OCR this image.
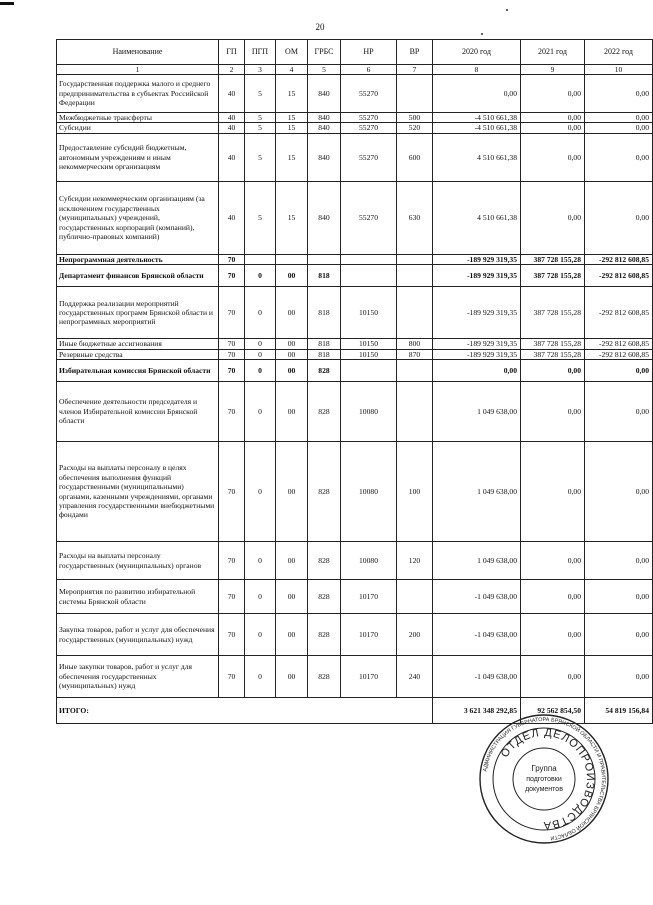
20
Наименование	ГП	ПГП	ОМ	ГРБС	НР	ВР	2020 год	2021 год	2022 год
1	2	3	4	5	6	7	8	9	10
Государственная поддержка малого и среднего предпринимательства в субъектах Российской Федерации	40	5	15	840	55270		0,00	0,00	0,00
Межбюджетные трансферты	40	5	15	840	55270	500	-4 510 661,38	0,00	0,00
Субсидии	40	5	15	840	55270	520	-4 510 661,38	0,00	0,00
Предоставление субсидий бюджетным, автономным учреждениям и иным некоммерческим организациям	40	5	15	840	55270	600	4 510 661,38	0,00	0,00
Субсидии некоммерческим организациям (за исключением государственных (муниципальных) учреждений, государственных корпораций (компаний), публично-правовых компаний)	40	5	15	840	55270	630	4 510 661,38	0,00	0,00
Непрограммная деятельность	70						-189 929 319,35	387 728 155,28	-292 812 608,85
Департамент финансов Брянской области	70	0	00	818			-189 929 319,35	387 728 155,28	-292 812 608,85
Поддержка реализации мероприятий государственных программ Брянской области и непрограммных мероприятий	70	0	00	818	10150		-189 929 319,35	387 728 155,28	-292 812 608,85
Иные бюджетные ассигнования	70	0	00	818	10150	800	-189 929 319,35	387 728 155,28	-292 812 608,85
Резервные средства	70	0	00	818	10150	870	-189 929 319,35	387 728 155,28	-292 812 608,85
Избирательная комиссия Брянской области	70	0	00	828			0,00	0,00	0,00
Обеспечение деятельности председателя и членов Избирательной комиссии Брянской области	70	0	00	828	10080		1 049 638,00	0,00	0,00
Расходы на выплаты персоналу в целях обеспечения выполнения функций государственными (муниципальными) органами, казенными учреждениями, органами управления государственными внебюджетными фондами	70	0	00	828	10080	100	1 049 638,00	0,00	0,00
Расходы на выплаты персоналу государственных (муниципальных) органов	70	0	00	828	10080	120	1 049 638,00	0,00	0,00
Мероприятия по развитию избирательной системы Брянской области	70	0	00	828	10170		-1 049 638,00	0,00	0,00
Закупка товаров, работ и услуг для обеспечения государственных (муниципальных) нужд	70	0	00	828	10170	200	-1 049 638,00	0,00	0,00
Иные закупки товаров, работ и услуг для обеспечения государственных (муниципальных) нужд	70	0	00	828	10170	240	-1 049 638,00	0,00	0,00
ИТОГО:							3 621 348 292,85	92 562 854,50	54 819 156,84
АДМИНИСТРАЦИЯ ГУБЕРНАТОРА БРЯНСКОЙ ОБЛАСТИ И ПРАВИТЕЛЬСТВА БРЯНСКОЙ ОБЛАСТИ
ОТДЕЛ ДЕЛОПРОИЗВОДСТВА
Группа
подготовки
документов
